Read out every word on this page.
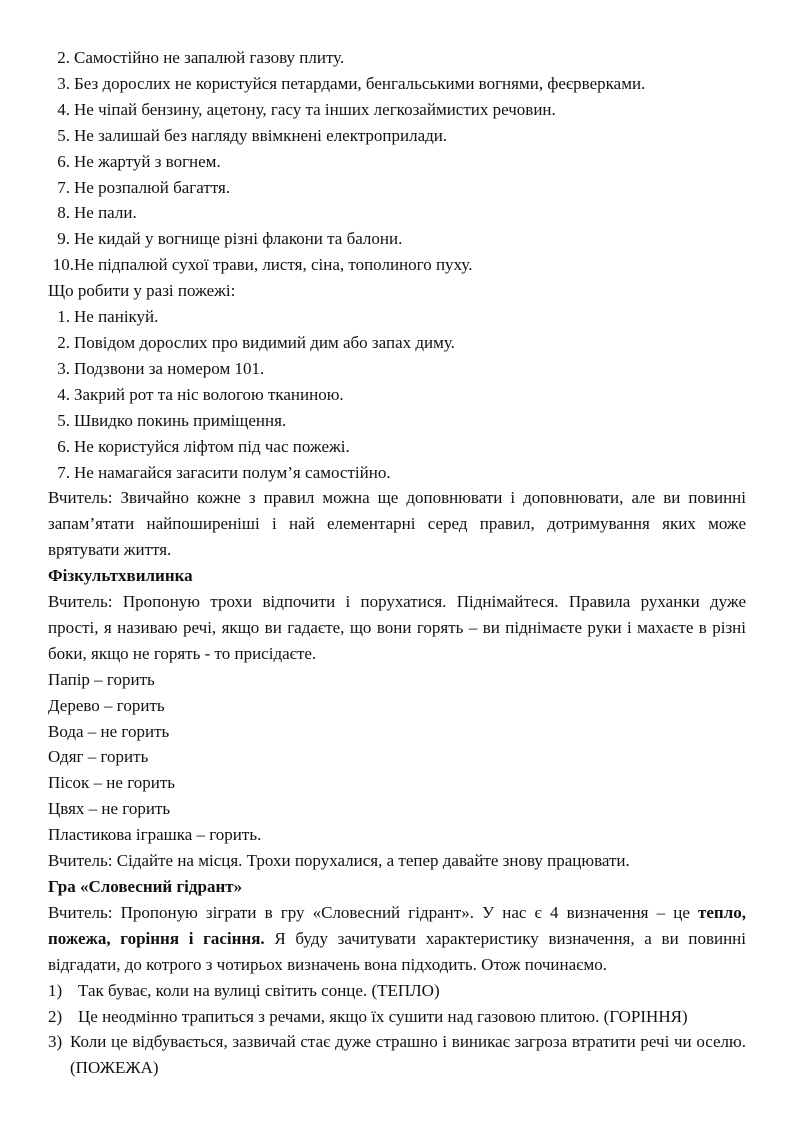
2. Самостійно не запалюй газову плиту.
3. Без дорослих не користуйся петардами, бенгальськими вогнями, феєрверками.
4. Не чіпай бензину, ацетону, гасу та інших легкозаймистих речовин.
5. Не залишай без нагляду ввімкнені електроприлади.
6. Не жартуй з вогнем.
7. Не розпалюй багаття.
8. Не пали.
9. Не кидай у вогнище різні флакони та балони.
10. Не підпалюй сухої трави, листя, сіна, тополиного пуху.

Що робити у разі пожежі:

1. Не панікуй.
2. Повідом дорослих про видимий дим або запах диму.
3. Подзвони за номером 101.
4. Закрий рот та ніс вологою тканиною.
5. Швидко покинь приміщення.
6. Не користуйся ліфтом під час пожежі.
7. Не намагайся загасити полум’я самостійно.

Вчитель: Звичайно кожне з правил можна ще доповнювати і доповнювати, але ви повинні запам’ятати найпоширеніші і най елементарні серед правил, дотримування яких може врятувати життя.

Фізкультхвилинка

Вчитель: Пропоную трохи відпочити і порухатися. Піднімайтеся. Правила руханки дуже прості, я називаю речі, якщо ви гадаєте, що вони горять – ви піднімаєте руки і махаєте в різні боки, якщо не горять - то присідаєте.

Папір – горить

Дерево – горить

Вода – не горить

Одяг – горить

Пісок – не горить

Цвях – не горить

Пластикова іграшка – горить.

Вчитель: Сідайте на місця. Трохи порухалися, а тепер давайте знову працювати.

Гра «Словесний гідрант»

Вчитель: Пропоную зіграти в гру «Словесний гідрант». У нас є 4 визначення – це тепло, пожежа, горіння і гасіння. Я буду зачитувати характеристику визначення, а ви повинні відгадати, до котрого з чотирьох визначень вона підходить. Отож починаємо.

1) Так буває, коли на вулиці світить сонце. (ТЕПЛО)
2) Це неодмінно трапиться з речами, якщо їх сушити над газовою плитою. (ГОРІННЯ)
3) Коли це відбувається, зазвичай стає дуже страшно і виникає загроза втратити речі чи оселю. (ПОЖЕЖА)
